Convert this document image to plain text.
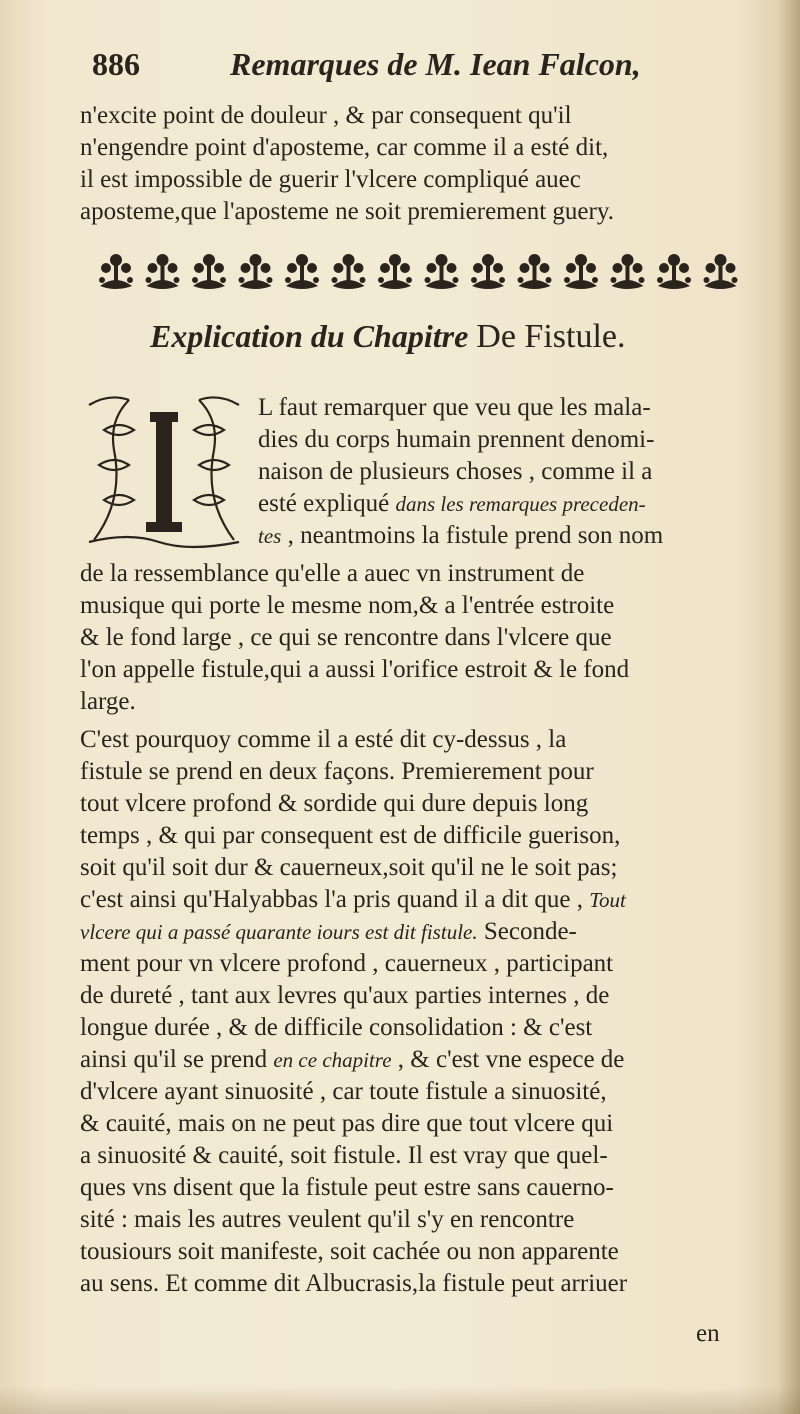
886	Remarques de M. Iean Falcon,
n'excite point de douleur , & par consequent qu'il
n'engendre point d'aposteme, car comme il a esté dit,
il est impossible de guerir l'vlcere compliqué auec
aposteme,que l'aposteme ne soit premierement guery.
Explication du Chapitre De Fistule.
L faut remarquer que veu que les mala-
dies du corps humain prennent denomi-
naison de plusieurs choses , comme il a
esté expliqué dans les remarques preceden-
tes , neantmoins la fistule prend son nom
de la ressemblance qu'elle a auec vn instrument de
musique qui porte le mesme nom,& a l'entrée estroite
& le fond large , ce qui se rencontre dans l'vlcere que
l'on appelle fistule,qui a aussi l'orifice estroit & le fond
large.
C'est pourquoy comme il a esté dit cy-dessus , la
fistule se prend en deux façons. Premierement pour
tout vlcere profond & sordide qui dure depuis long
temps , & qui par consequent est de difficile guerison,
soit qu'il soit dur & cauerneux,soit qu'il ne le soit pas;
c'est ainsi qu'Halyabbas l'a pris quand il a dit que , Tout
vlcere qui a passé quarante iours est dit fistule. Seconde-
ment pour vn vlcere profond , cauerneux , participant
de dureté , tant aux levres qu'aux parties internes , de
longue durée , & de difficile consolidation : & c'est
ainsi qu'il se prend en ce chapitre , & c'est vne espece de
d'vlcere ayant sinuosité , car toute fistule a sinuosité,
& cauité, mais on ne peut pas dire que tout vlcere qui
a sinuosité & cauité, soit fistule. Il est vray que quel-
ques vns disent que la fistule peut estre sans cauerno-
sité : mais les autres veulent qu'il s'y en rencontre
tousiours soit manifeste, soit cachée ou non apparente
au sens. Et comme dit Albucrasis,la fistule peut arriuer
en
